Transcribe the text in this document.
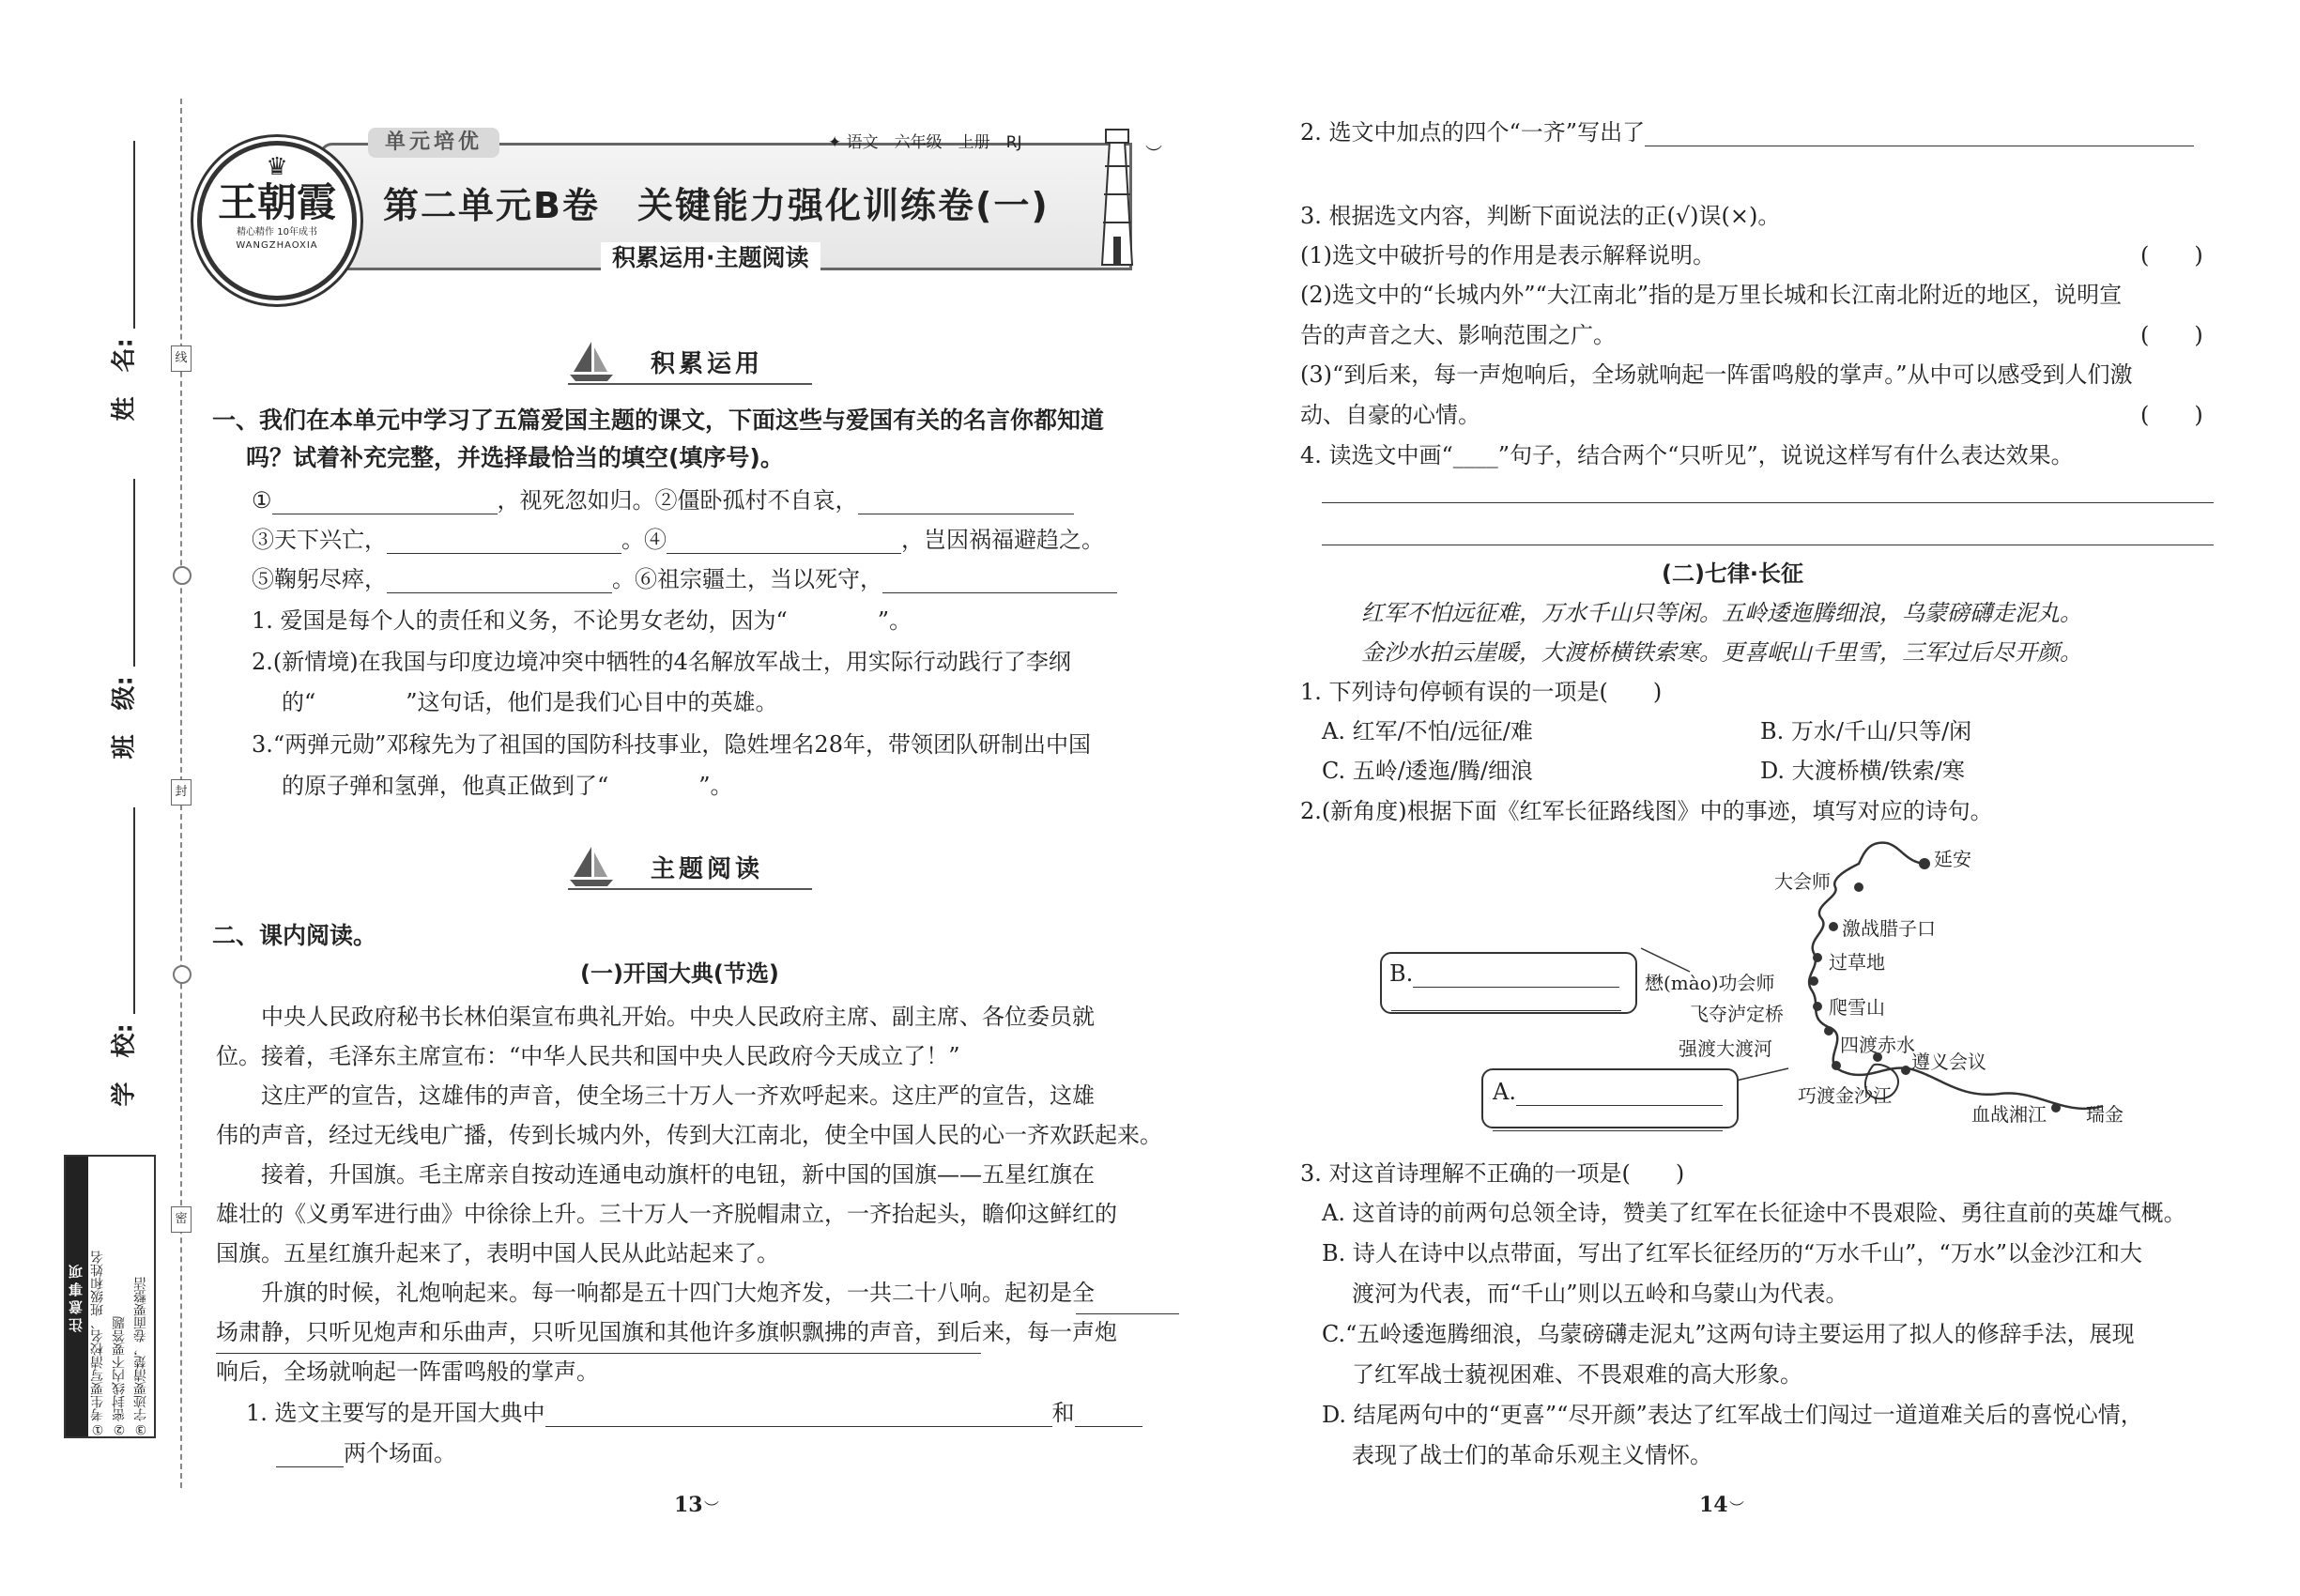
姓　名:
班　级:
学　校:
线
封
密
注意事项 ①考生要写清校名、班级和姓名 ②密封线内不要答题 ③字迹要清楚，卷面要整洁
♛
王朝霞
精心精作 10年成书
WANGZHAOXIA
单元培优	✦ 语文　六年级　上册　RJ
第二单元B卷　关键能力强化训练卷(一)
积累运用·主题阅读
︶
积累运用
一、我们在本单元中学习了五篇爱国主题的课文，下面这些与爱国有关的名言你都知道
吗？试着补充完整，并选择最恰当的填空(填序号)。
①	，视死忽如归。②僵卧孤村不自哀，
③天下兴亡，	。④	，岂因祸福避趋之。
⑤鞠躬尽瘁，	。⑥祖宗疆土，当以死守，
1. 爱国是每个人的责任和义务，不论男女老幼，因为“　　　　”。
2.(新情境)在我国与印度边境冲突中牺牲的4名解放军战士，用实际行动践行了李纲
的“　　　　”这句话，他们是我们心目中的英雄。
3.“两弹元勋”邓稼先为了祖国的国防科技事业，隐姓埋名28年，带领团队研制出中国
的原子弹和氢弹，他真正做到了“　　　　”。
主题阅读
二、课内阅读。
(一)开国大典(节选)
　　中央人民政府秘书长林伯渠宣布典礼开始。中央人民政府主席、副主席、各位委员就
位。接着，毛泽东主席宣布：“中华人民共和国中央人民政府今天成立了！”
　　这庄严的宣告，这雄伟的声音，使全场三十万人一齐欢呼起来。这庄严的宣告，这雄
伟的声音，经过无线电广播，传到长城内外，传到大江南北，使全中国人民的心一齐欢跃起来。
　　接着，升国旗。毛主席亲自按动连通电动旗杆的电钮，新中国的国旗——五星红旗在
雄壮的《义勇军进行曲》中徐徐上升。三十万人一齐脱帽肃立，一齐抬起头，瞻仰这鲜红的
国旗。五星红旗升起来了，表明中国人民从此站起来了。
　　升旗的时候，礼炮响起来。每一响都是五十四门大炮齐发，一共二十八响。起初是全
场肃静，只听见炮声和乐曲声，只听见国旗和其他许多旗帜飘拂的声音，到后来，每一声炮
响后，全场就响起一阵雷鸣般的掌声。
1. 选文主要写的是开国大典中	和
两个场面。
13 ︶
2. 选文中加点的四个“一齐”写出了
3. 根据选文内容，判断下面说法的正(√)误(×)。
(1)选文中破折号的作用是表示解释说明。	(　　)
(2)选文中的“长城内外”“大江南北”指的是万里长城和长江南北附近的地区，说明宣
告的声音之大、影响范围之广。	(　　)
(3)“到后来，每一声炮响后，全场就响起一阵雷鸣般的掌声。”从中可以感受到人们激
动、自豪的心情。	(　　)
4. 读选文中画“____”句子，结合两个“只听见”，说说这样写有什么表达效果。
(二)七律·长征
红军不怕远征难，万水千山只等闲。五岭逶迤腾细浪，乌蒙磅礴走泥丸。
金沙水拍云崖暖，大渡桥横铁索寒。更喜岷山千里雪，三军过后尽开颜。
1. 下列诗句停顿有误的一项是(　　)
A. 红军/不怕/远征/难	B. 万水/千山/只等/闲
C. 五岭/逶迤/腾/细浪	D. 大渡桥横/铁索/寒
2.(新角度)根据下面《红军长征路线图》中的事迹，填写对应的诗句。
B.
A.
延安
大会师
激战腊子口
过草地
懋(mào)功会师
飞夺泸定桥 爬雪山
强渡大渡河	四渡赤水
遵义会议
巧渡金沙江
血战湘江 瑞金
3. 对这首诗理解不正确的一项是(　　)
A. 这首诗的前两句总领全诗，赞美了红军在长征途中不畏艰险、勇往直前的英雄气概。
B. 诗人在诗中以点带面，写出了红军长征经历的“万水千山”，“万水”以金沙江和大
渡河为代表，而“千山”则以五岭和乌蒙山为代表。
C.“五岭逶迤腾细浪，乌蒙磅礴走泥丸”这两句诗主要运用了拟人的修辞手法，展现
了红军战士藐视困难、不畏艰难的高大形象。
D. 结尾两句中的“更喜”“尽开颜”表达了红军战士们闯过一道道难关后的喜悦心情，
表现了战士们的革命乐观主义情怀。
14 ︶
